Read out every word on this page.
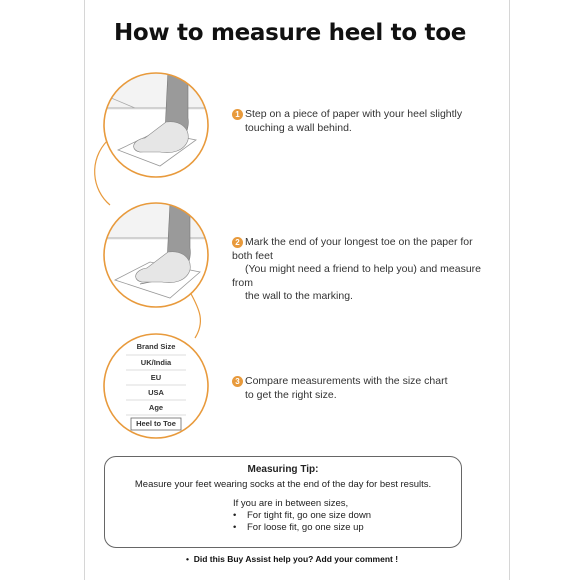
How to measure heel to toe
Brand Size
UK/India
EU
USA
Age
Heel to Toe
1 Step on a piece of paper with your heel slightly
touching a wall behind.
2 Mark the end of your longest toe on the paper for both feet
(You might need a friend to help you) and measure from
the wall to the marking.
3 Compare measurements with the size chart
to get the right size.
Measuring Tip:
Measure your feet wearing socks at the end of the day for best results.
If you are in between sizes,
• For tight fit, go one size down
• For loose fit, go one size up
•  Did this Buy Assist help you? Add your comment !
